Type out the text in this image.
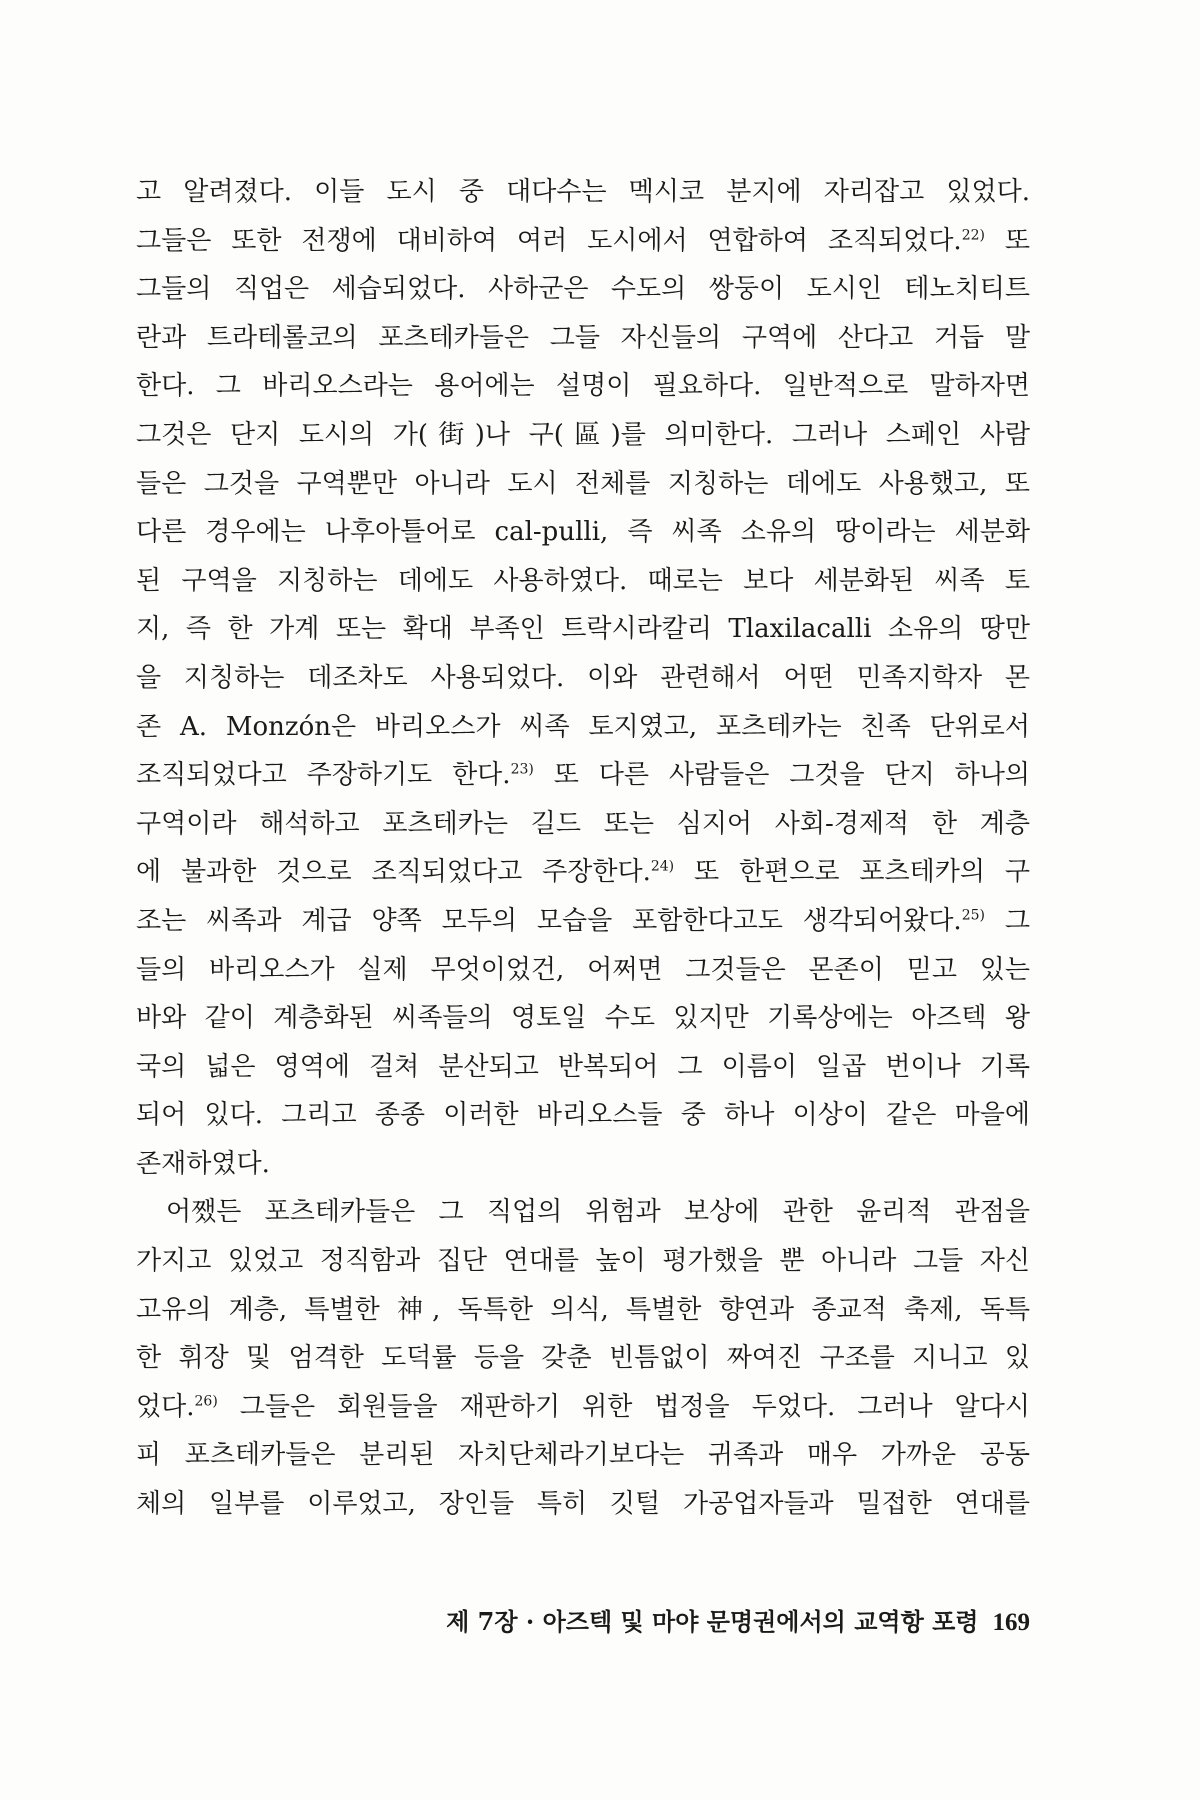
고 알려졌다. 이들 도시 중 대다수는 멕시코 분지에 자리잡고 있었다.
그들은 또한 전쟁에 대비하여 여러 도시에서 연합하여 조직되었다.$^{22)}$ 또
그들의 직업은 세습되었다. 사하군은 수도의 쌍둥이 도시인 테노치티트
란과 트라테롤코의 포츠테카들은 그들 자신들의 구역에 산다고 거듭 말
한다. 그 바리오스라는 용어에는 설명이 필요하다. 일반적으로 말하자면
그것은 단지 도시의 가(街)나 구(區)를 의미한다. 그러나 스페인 사람
들은 그것을 구역뿐만 아니라 도시 전체를 지칭하는 데에도 사용했고, 또
다른 경우에는 나후아틀어로 cal-pulli, 즉 씨족 소유의 땅이라는 세분화
된 구역을 지칭하는 데에도 사용하였다. 때로는 보다 세분화된 씨족 토
지, 즉 한 가계 또는 확대 부족인 트락시라칼리 Tlaxilacalli 소유의 땅만
을 지칭하는 데조차도 사용되었다. 이와 관련해서 어떤 민족지학자 몬
존 A. Monzón은 바리오스가 씨족 토지였고, 포츠테카는 친족 단위로서
조직되었다고 주장하기도 한다.$^{23)}$ 또 다른 사람들은 그것을 단지 하나의
구역이라 해석하고 포츠테카는 길드 또는 심지어 사회-경제적 한 계층
에 불과한 것으로 조직되었다고 주장한다.$^{24)}$ 또 한편으로 포츠테카의 구
조는 씨족과 계급 양쪽 모두의 모습을 포함한다고도 생각되어왔다.$^{25)}$ 그
들의 바리오스가 실제 무엇이었건, 어쩌면 그것들은 몬존이 믿고 있는
바와 같이 계층화된 씨족들의 영토일 수도 있지만 기록상에는 아즈텍 왕
국의 넓은 영역에 걸쳐 분산되고 반복되어 그 이름이 일곱 번이나 기록
되어 있다. 그리고 종종 이러한 바리오스들 중 하나 이상이 같은 마을에
존재하였다.
어쨌든 포츠테카들은 그 직업의 위험과 보상에 관한 윤리적 관점을
가지고 있었고 정직함과 집단 연대를 높이 평가했을 뿐 아니라 그들 자신
고유의 계층, 특별한 神, 독특한 의식, 특별한 향연과 종교적 축제, 독특
한 휘장 및 엄격한 도덕률 등을 갖춘 빈틈없이 짜여진 구조를 지니고 있
었다.$^{26)}$ 그들은 회원들을 재판하기 위한 법정을 두었다. 그러나 알다시
피 포츠테카들은 분리된 자치단체라기보다는 귀족과 매우 가까운 공동
체의 일부를 이루었고, 장인들 특히 깃털 가공업자들과 밀접한 연대를
제 7장 · 아즈텍 및 마야 문명권에서의 교역항 포령 169
